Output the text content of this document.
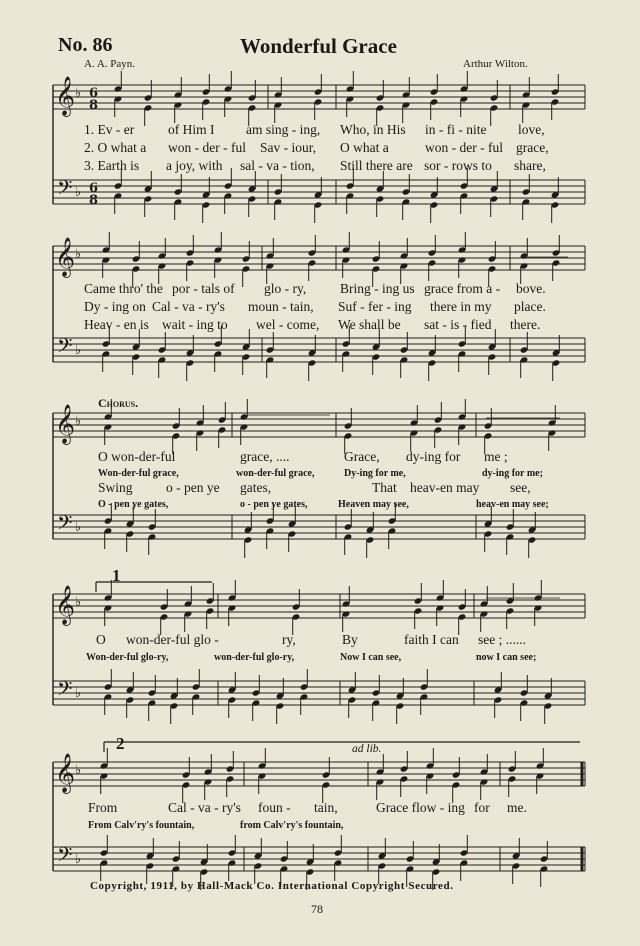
No. 86	Wonderful Grace
A. A. Payn.	Arthur Wilton.
𝄞
𝄢
♭
♭
6
8
6
8
𝄞
𝄢
♭
♭
𝄞
𝄢
♭
♭
𝄞
𝄢
♭
♭
𝄞
𝄢
♭
♭
1. Ev - er	of Him I am sing - ing, Who, in His in - fi - nite love,
2. O what a won - der - ful Sav - iour, O what a	won - der - ful grace,
3. Earth is a joy, with sal - va - tion, Still there are sor - rows to share,
Came thro' the por - tals of glo - ry,	Bring - ing us grace from a - bove.
Dy - ing on Cal - va - ry's moun - tain, Suf - fer - ing there in my place.
Heav - en is wait - ing to wel - come, We shall be sat - is - fied there.
Chorus.
O won-der-ful	grace, ....	Grace, dy-ing for me ;
Won-der-ful grace,	won-der-ful grace,	Dy-ing for me,	dy-ing for me;
Swing o - pen ye gates,	That heav-en may see,
O - pen ye gates,	o - pen ye gates,	Heaven may see,	heav-en may see;
1
O won-der-ful glo -	ry,	By	faith I can see ; ......
Won-der-ful glo-ry,	won-der-ful glo-ry,	Now I can see,	now I can see;
2	ad lib.
From	Cal - va - ry's foun - tain,	Grace flow - ing for me.
From Calv'ry's fountain,	from Calv'ry's fountain,
Copyright, 1911, by Hall-Mack Co. International Copyright Secured.
78
